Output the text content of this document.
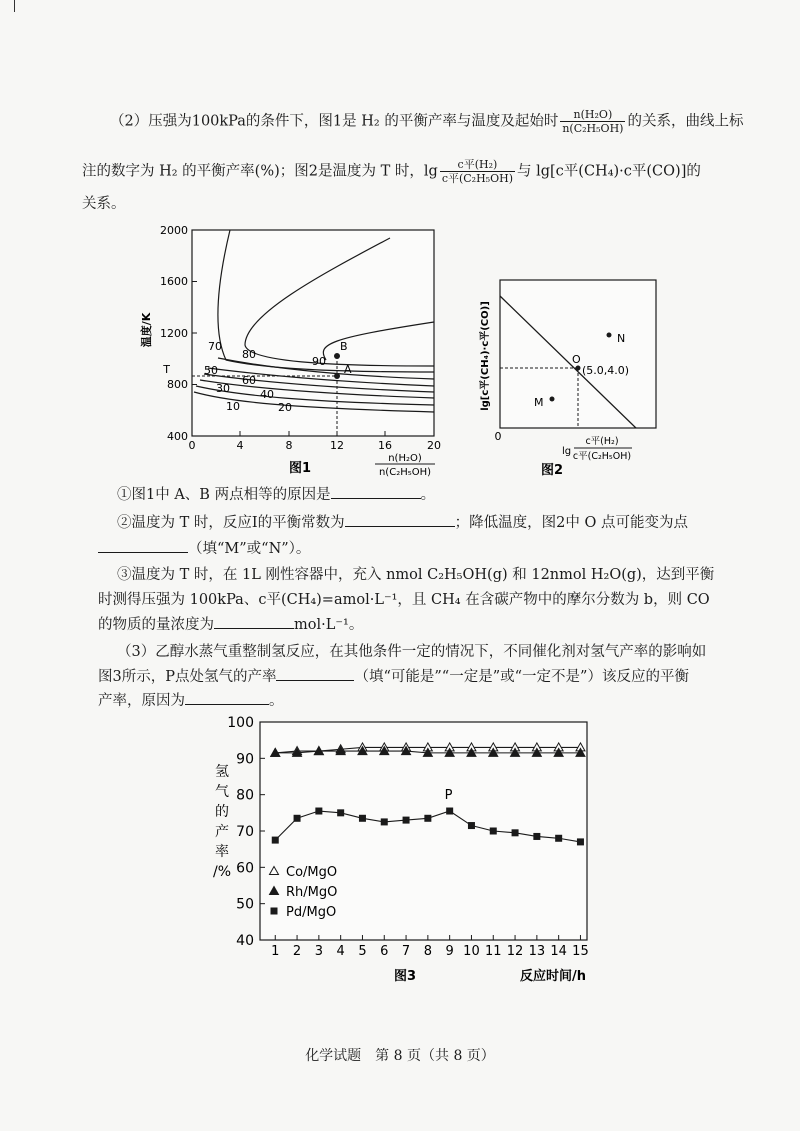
（2）压强为100kPa的条件下，图1是 H₂ 的平衡产率与温度及起始时 $\frac{\text{n(H₂O)}}{\text{n(C₂H₅OH)}}$ 的关系，曲线上标
注的数字为 H₂ 的平衡产率(%)；图2是温度为 T 时，$\lg \frac{\text{c平(H₂)}}{\text{c平(C₂H₅OH)}}$ 与 lg[c平(CH₄)·c平(CO)]的
关系。
2000
1600
1200
800
400
T
温度/K
0	4	8	12	16	20
B
A
10	20
30	40
50
60
70
80
90
图1
n(H₂O)
n(C₂H₅OH)
O
(5.0,4.0)
M
N
0
lg[c平(CH₄)·c平(CO)]
lg
c平(H₂)
c平(C₂H₅OH)
图2
①图1中 A、B 两点相等的原因是	。
②温度为 T 时，反应Ⅰ的平衡常数为	；降低温度，图2中 O 点可能变为点
（填“M”或“N”）。
③温度为 T 时，在 1L 刚性容器中，充入 nmol C₂H₅OH(g) 和 12nmol H₂O(g)，达到平衡
时测得压强为 100kPa、c平(CH₄)=amol·L⁻¹，且 CH₄ 在含碳产物中的摩尔分数为 b，则 CO
的物质的量浓度为	mol·L⁻¹。
（3）乙醇水蒸气重整制氢反应，在其他条件一定的情况下，不同催化剂对氢气产率的影响如
图3所示，P点处氢气的产率	（填“可能是”“一定是”或“一定不是”）该反应的平衡
产率，原因为	。
40
50
60
70
80
90
100
1 2 3 4 5 6 7 8 9 10 11 12 13 14 15
氢
气
的
产
率
/%	Co/MgO
Rh/MgO
Pd/MgO
P
图3	反应时间/h
化学试题　第 8 页（共 8 页）
